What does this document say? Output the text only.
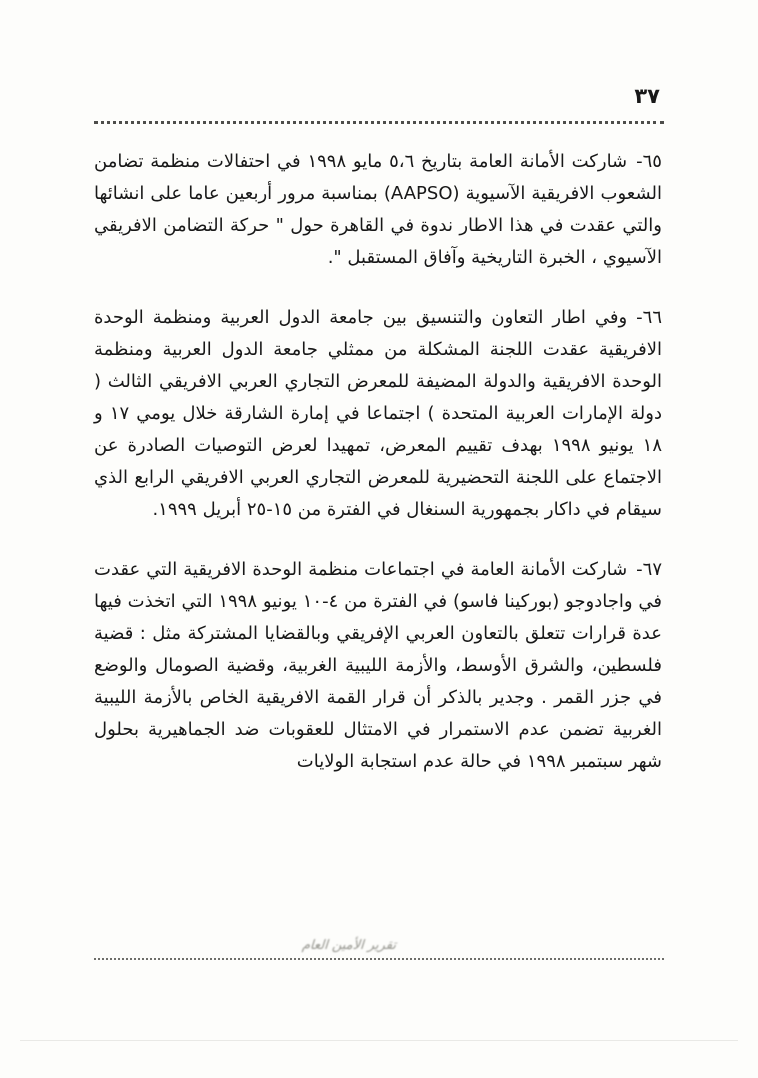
٣٧

٦٥-شاركت الأمانة العامة بتاريخ ٥،٦ مايو ١٩٩٨ في احتفالات منظمة تضامن الشعوب الافريقية الآسيوية (AAPSO) بمناسبة مرور أربعين عاما على انشائها والتي عقدت في هذا الاطار ندوة في القاهرة حول " حركة التضامن الافريقي الآسيوي ، الخبرة التاريخية وآفاق المستقبل ".

٦٦-وفي اطار التعاون والتنسيق بين جامعة الدول العربية ومنظمة الوحدة الافريقية عقدت اللجنة المشكلة من ممثلي جامعة الدول العربية ومنظمة الوحدة الافريقية والدولة المضيفة للمعرض التجاري العربي الافريقي الثالث ( دولة الإمارات العربية المتحدة ) اجتماعا في إمارة الشارقة خلال يومي ١٧ و ١٨ يونيو ١٩٩٨ بهدف تقييم المعرض، تمهيدا لعرض التوصيات الصادرة عن الاجتماع على اللجنة التحضيرية للمعرض التجاري العربي الافريقي الرابع الذي سيقام في داكار بجمهورية السنغال في الفترة من ١٥-٢٥ أبريل ١٩٩٩.

٦٧-شاركت الأمانة العامة في اجتماعات منظمة الوحدة الافريقية التي عقدت في واجادوجو (بوركينا فاسو) في الفترة من ٤-١٠ يونيو ١٩٩٨ التي اتخذت فيها عدة قرارات تتعلق بالتعاون العربي الإفريقي وبالقضايا المشتركة مثل : قضية فلسطين، والشرق الأوسط، والأزمة الليبية الغربية، وقضية الصومال والوضع في جزر القمر . وجدير بالذكر أن قرار القمة الافريقية الخاص بالأزمة الليبية الغربية تضمن عدم الاستمرار في الامتثال للعقوبات ضد الجماهيرية بحلول شهر سبتمبر ١٩٩٨ في حالة عدم استجابة الولايات

تقرير الأمين العام
